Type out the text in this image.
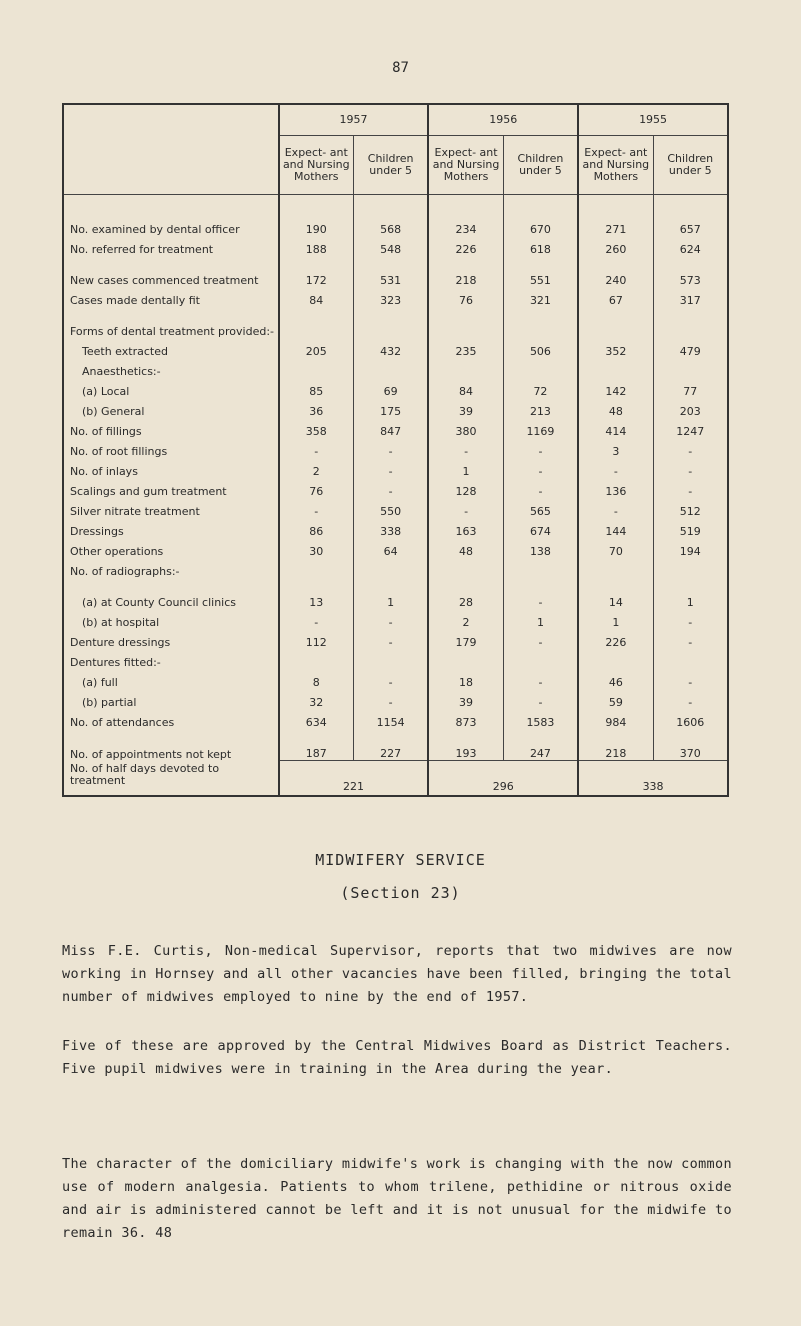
87
	1957		1956		1955	
	Expect- ant and Nursing Mothers	Children under 5	Expect- ant and Nursing Mothers	Children under 5	Expect- ant and Nursing Mothers	Children under 5
No. examined by dental officer	190	568	234	670	271	657
No. referred for treatment	188	548	226	618	260	624
New cases commenced treatment	172	531	218	551	240	573
Cases made dentally fit	84	323	76	321	67	317
Forms of dental treatment provided:-						
Teeth extracted	205	432	235	506	352	479
Anaesthetics:-						
(a) Local	85	69	84	72	142	77
(b) General	36	175	39	213	48	203
No. of fillings	358	847	380	1169	414	1247
No. of root fillings	-	-	-	-	3	-
No. of inlays	2	-	1	-	-	-
Scalings and gum treatment	76	-	128	-	136	-
Silver nitrate treatment	-	550	-	565	-	512
Dressings	86	338	163	674	144	519
Other operations	30	64	48	138	70	194
No. of radiographs:-						
(a) at County Council clinics	13	1	28	-	14	1
(b) at hospital	-	-	2	1	1	-
Denture dressings	112	-	179	-	226	-
Dentures fitted:-						
(a) full	8	-	18	-	46	-
(b) partial	32	-	39	-	59	-
No. of attendances	634	1154	873	1583	984	1606
No. of appointments not kept	187	227	193	247	218	370
No. of half days devoted to treatment	221		296		338	
MIDWIFERY SERVICE
(Section 23)

Miss F.E. Curtis, Non-medical Supervisor, reports that two midwives are now working in Hornsey and all other vacancies have been filled, bringing the total number of midwives employed to nine by the end of 1957.

Five of these are approved by the Central Midwives Board as District Teachers. Five pupil midwives were in training in the Area during the year.

The character of the domiciliary midwife's work is changing with the now common use of modern analgesia. Patients to whom trilene, pethidine or nitrous oxide and air is administered cannot be left and it is not unusual for the midwife to remain 36. 48
